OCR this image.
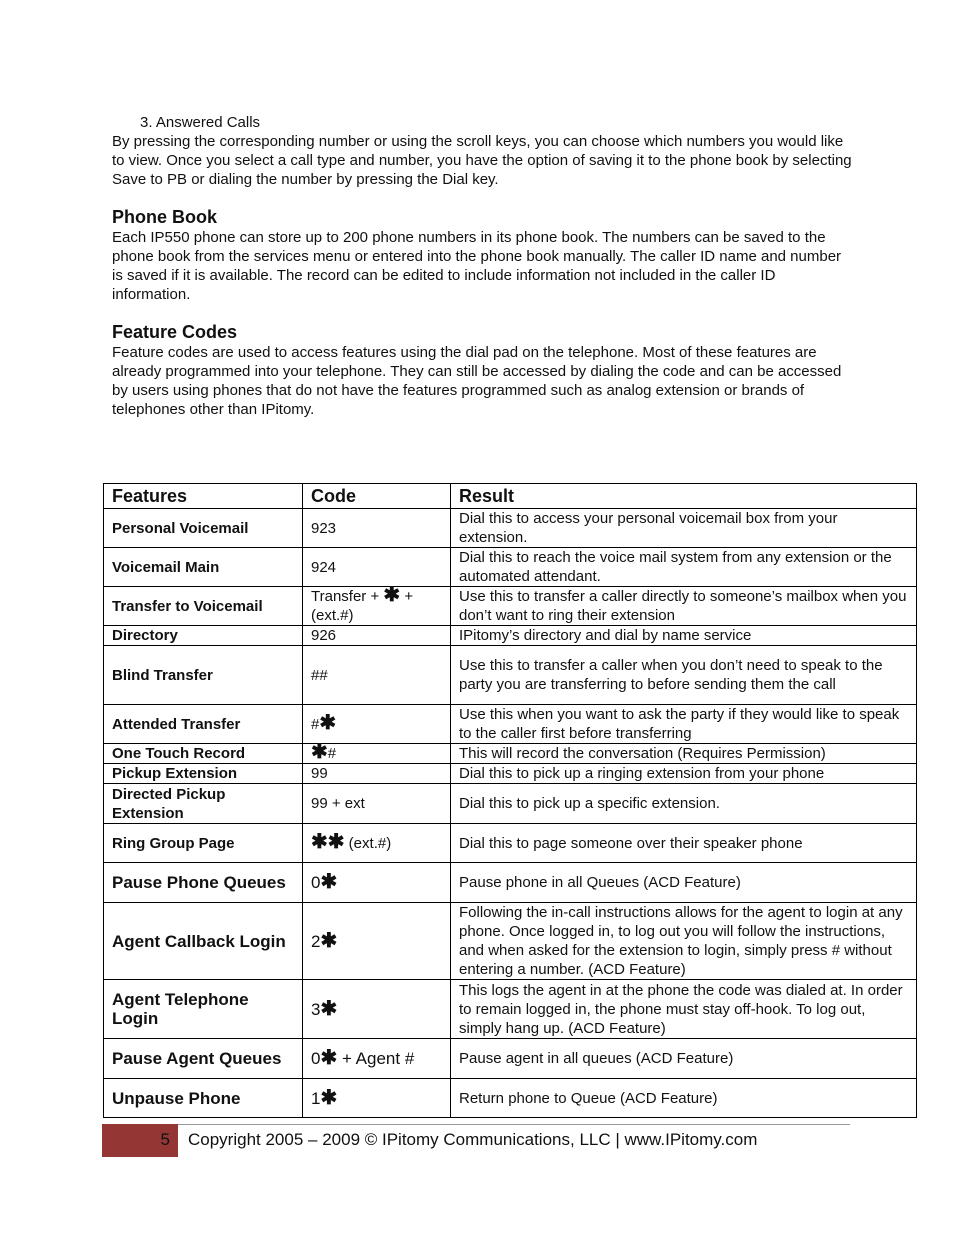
3. Answered Calls

By pressing the corresponding number or using the scroll keys, you can choose which numbers you would like to view. Once you select a call type and number, you have the option of saving it to the phone book by selecting Save to PB or dialing the number by pressing the Dial key.

Phone Book

Each IP550 phone can store up to 200 phone numbers in its phone book. The numbers can be saved to the phone book from the services menu or entered into the phone book manually. The caller ID name and number is saved if it is available. The record can be edited to include information not included in the caller ID information.

Feature Codes

Feature codes are used to access features using the dial pad on the telephone. Most of these features are already programmed into your telephone. They can still be accessed by dialing the code and can be accessed by users using phones that do not have the features programmed such as analog extension or brands of telephones other than IPitomy.

Features	Code	Result
Personal Voicemail	923	Dial this to access your personal voicemail box from your extension.
Voicemail Main	924	Dial this to reach the voice mail system from any extension or the automated attendant.
Transfer to Voicemail	Transfer + ✱ + (ext.#)	Use this to transfer a caller directly to someone’s mailbox when you don’t want to ring their extension
Directory	926	IPitomy’s directory and dial by name service
Blind Transfer	##	Use this to transfer a caller when you don’t need to speak to the party you are transferring to before sending them the call
Attended Transfer	#✱	Use this when you want to ask the party if they would like to speak to the caller first before transferring
One Touch Record	✱#	This will record the conversation (Requires Permission)
Pickup Extension	99	Dial this to pick up a ringing extension from your phone
Directed Pickup Extension	99 + ext	Dial this to pick up a specific extension.
Ring Group Page	✱✱ (ext.#)	Dial this to page someone over their speaker phone
Pause Phone Queues	0✱	Pause phone in all Queues (ACD Feature)
Agent Callback Login	2✱	Following the in-call instructions allows for the agent to login at any phone. Once logged in, to log out you will follow the instructions, and when asked for the extension to login, simply press # without entering a number. (ACD Feature)
Agent Telephone Login	3✱	This logs the agent in at the phone the code was dialed at. In order to remain logged in, the phone must stay off-hook. To log out, simply hang up. (ACD Feature)
Pause Agent Queues	0✱ + Agent #	Pause agent in all queues (ACD Feature)
Unpause Phone	1✱	Return phone to Queue (ACD Feature)
5 Copyright 2005 – 2009 © IPitomy Communications, LLC | www.IPitomy.com
